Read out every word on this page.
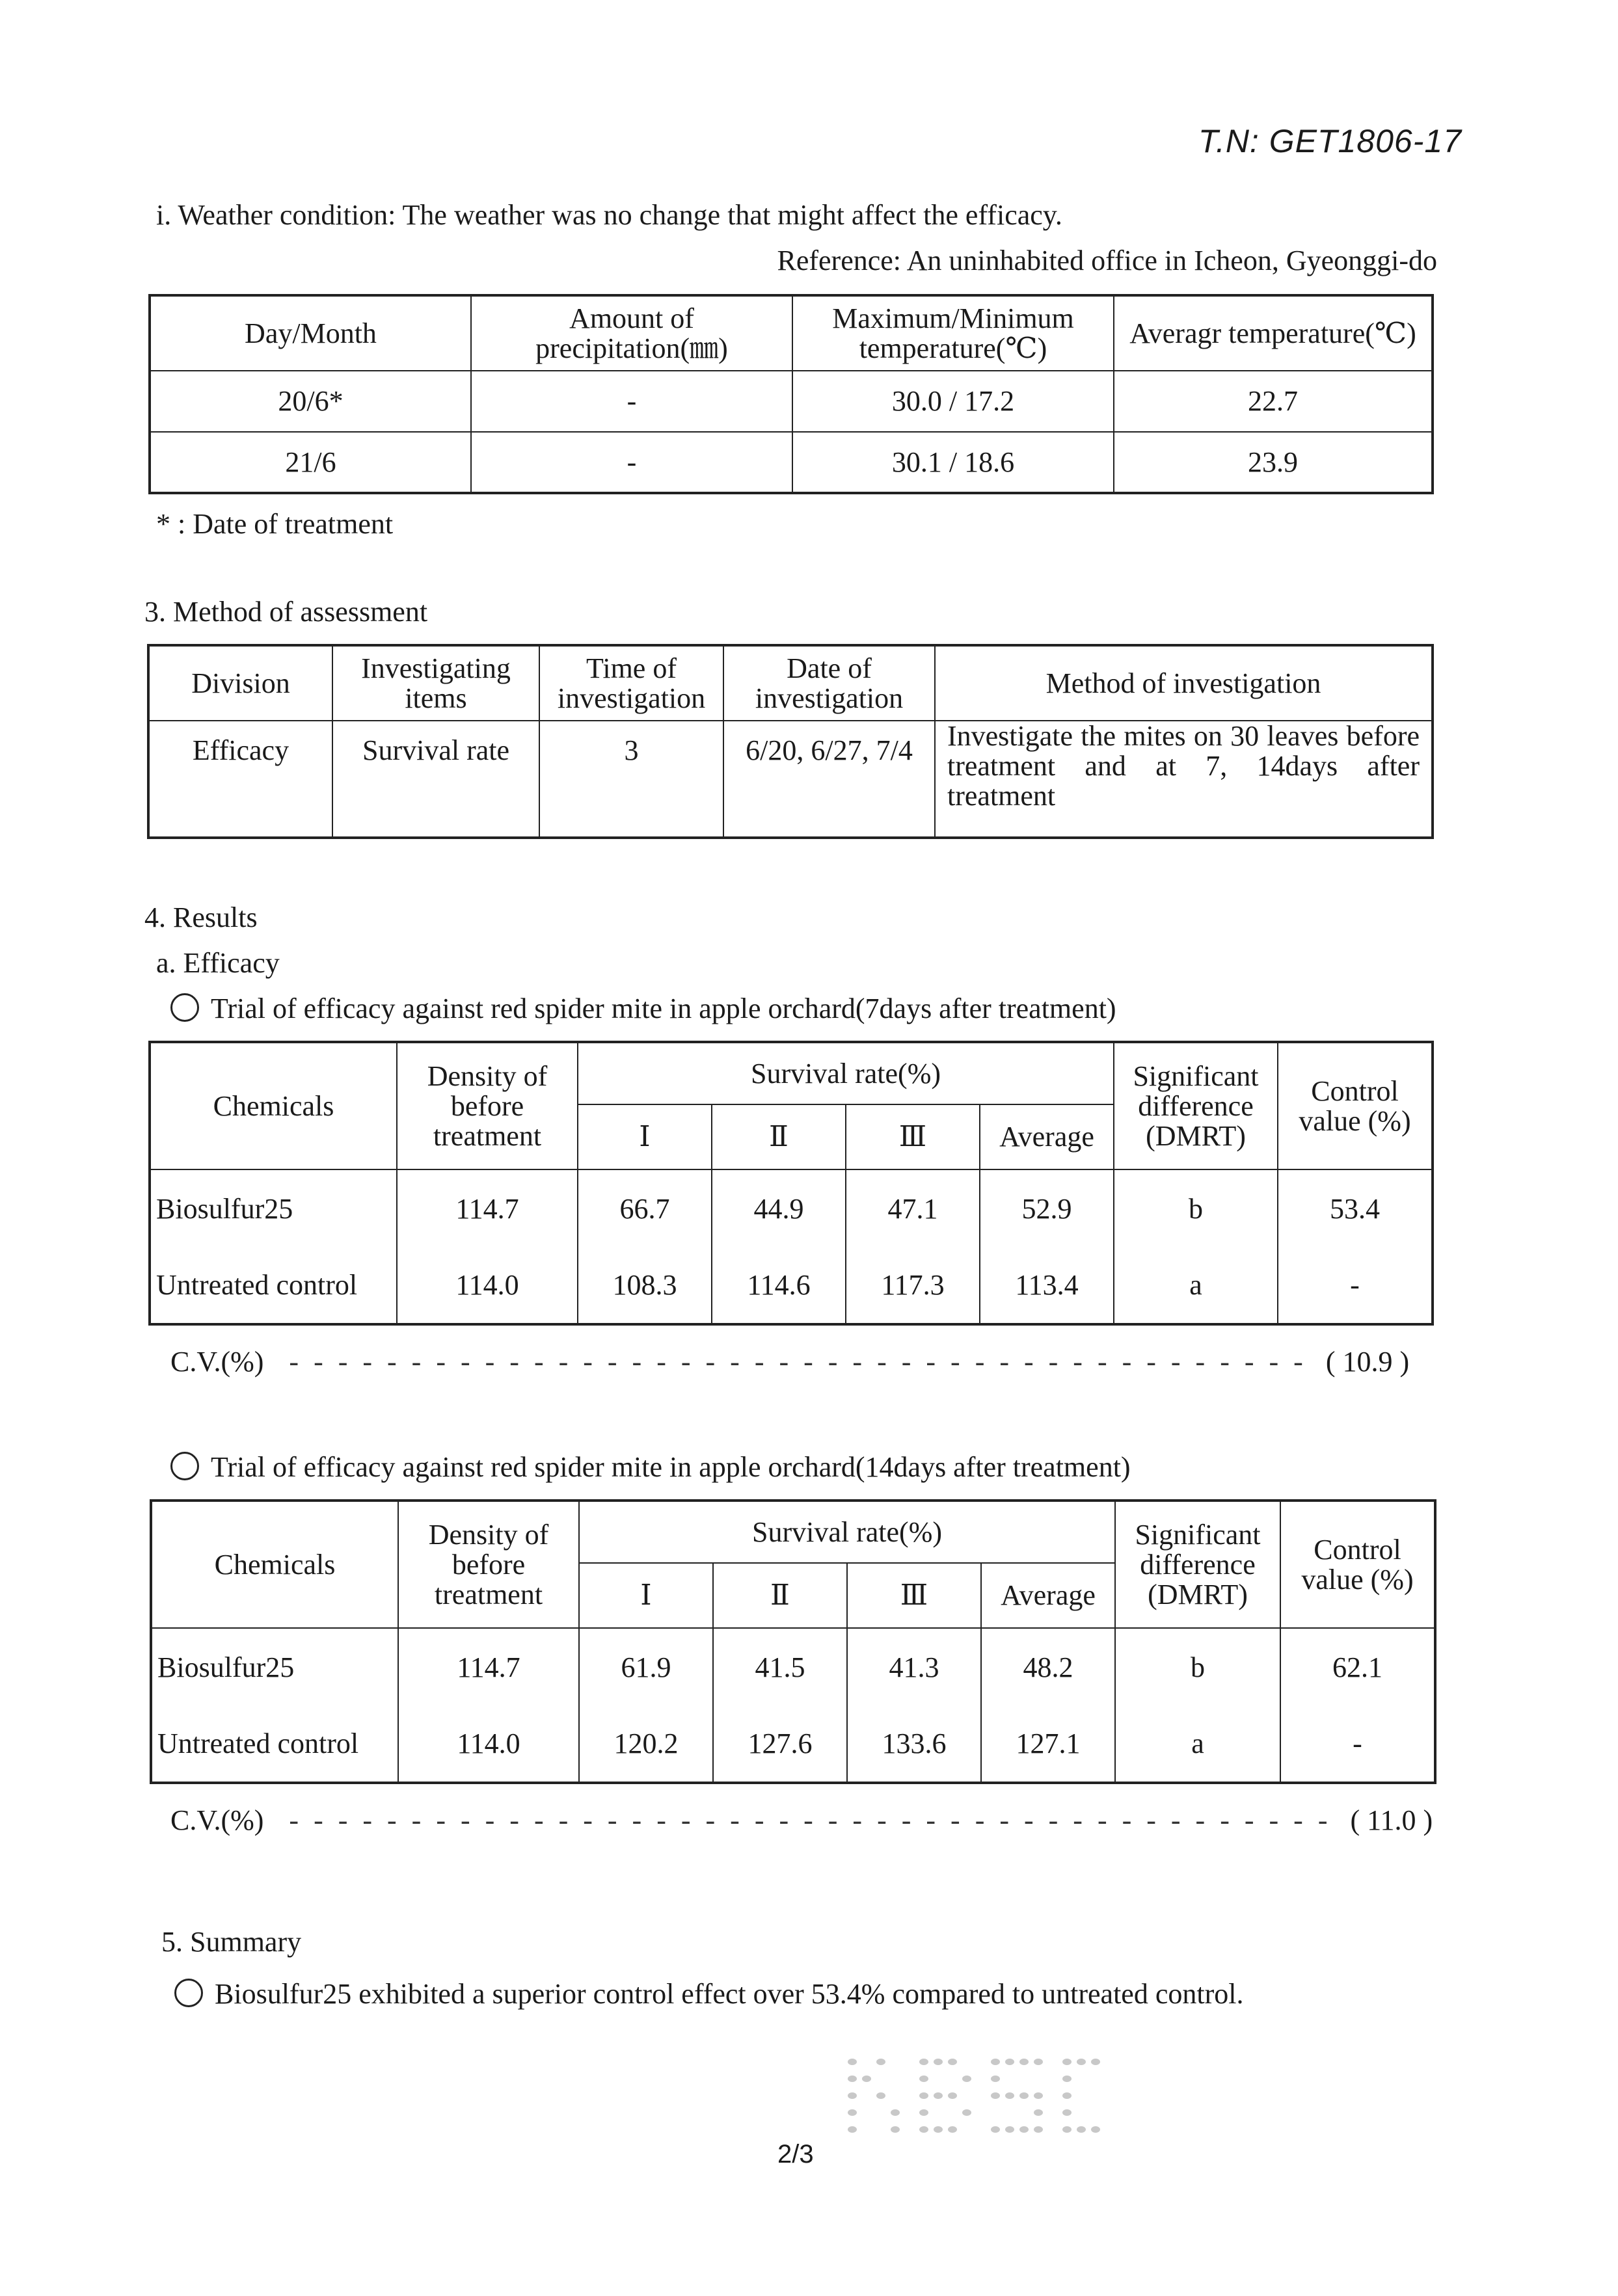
T.N: GET1806-17
i. Weather condition: The weather was no change that might affect the efficacy.
Reference: An uninhabited office in Icheon, Gyeonggi-do
Day/Month	Amount of precipitation(㎜)	Maximum/Minimum temperature(℃)	Averagr temperature(℃)
20/6*	-	30.0 / 17.2	22.7
21/6	-	30.1 / 18.6	23.9
* : Date of treatment
3. Method of assessment
Division	Investigating items	Time of investigation	Date of investigation	Method of investigation
Efficacy	Survival rate	3	6/20, 6/27, 7/4	Investigate the mites on 30 leaves before treatment and at 7, 14days after treatment
4. Results
a. Efficacy
Trial of efficacy against red spider mite in apple orchard(7days after treatment)
Chemicals	Density of before treatment	Survival rate(%)				Significant difference (DMRT)	Control value (%)
		Ⅰ	Ⅱ	Ⅲ	Average		
Biosulfur25	114.7	66.7	44.9	47.1	52.9	b	53.4
Untreated control	114.0	108.3	114.6	117.3	113.4	a	-
C.V.(%) - - - - - - - - - - - - - - - - - - - - - - - - - - - - - - - - - - - - - - - - - - ( 10.9 )
Trial of efficacy against red spider mite in apple orchard(14days after treatment)
Chemicals	Density of before treatment	Survival rate(%)				Significant difference (DMRT)	Control value (%)
		Ⅰ	Ⅱ	Ⅲ	Average		
Biosulfur25	114.7	61.9	41.5	41.3	48.2	b	62.1
Untreated control	114.0	120.2	127.6	133.6	127.1	a	-
C.V.(%) - - - - - - - - - - - - - - - - - - - - - - - - - - - - - - - - - - - - - - - - - - - ( 11.0 )
5. Summary
Biosulfur25 exhibited a superior control effect over 53.4% compared to untreated control.
2/3
